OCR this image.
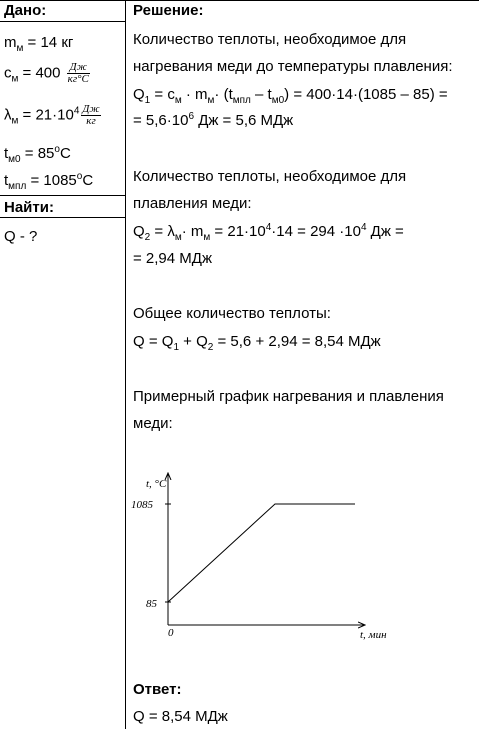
Дано:
$m_м = 14$ кг
$c_м = 400 \frac{Дж}{кг^\circ C}$
$\lambda_м = 21\cdot 10^4 \frac{Дж}{кг}$
$t_{м0} = 85^oC$
$t_{мпл} = 1085^oC$
Найти:
Q - ?
Решение:
Количество теплоты, необходимое для
нагревания меди до температуры плавления:
$Q_1 = c_м \cdot m_м\cdot (t_{мпл} - t_{м0}) = 400\cdot 14\cdot(1085 - 85)$ =
= $5,6\cdot 10^6$ Дж = 5,6 МДж
Количество теплоты, необходимое для
плавления меди:
$Q_2 = \lambda_м\cdot m_м = 21\cdot 10^4\cdot 14 = 294 \cdot 10^4$ Дж =
= 2,94 МДж
Общее количество теплоты:
$Q = Q_1 + Q_2 = 5,6 + 2,94 = 8,54$ МДж
Примерный график нагревания и плавления
меди:
t, °C
t, мин
0
1085
85
Ответ:
Q = 8,54 МДж
